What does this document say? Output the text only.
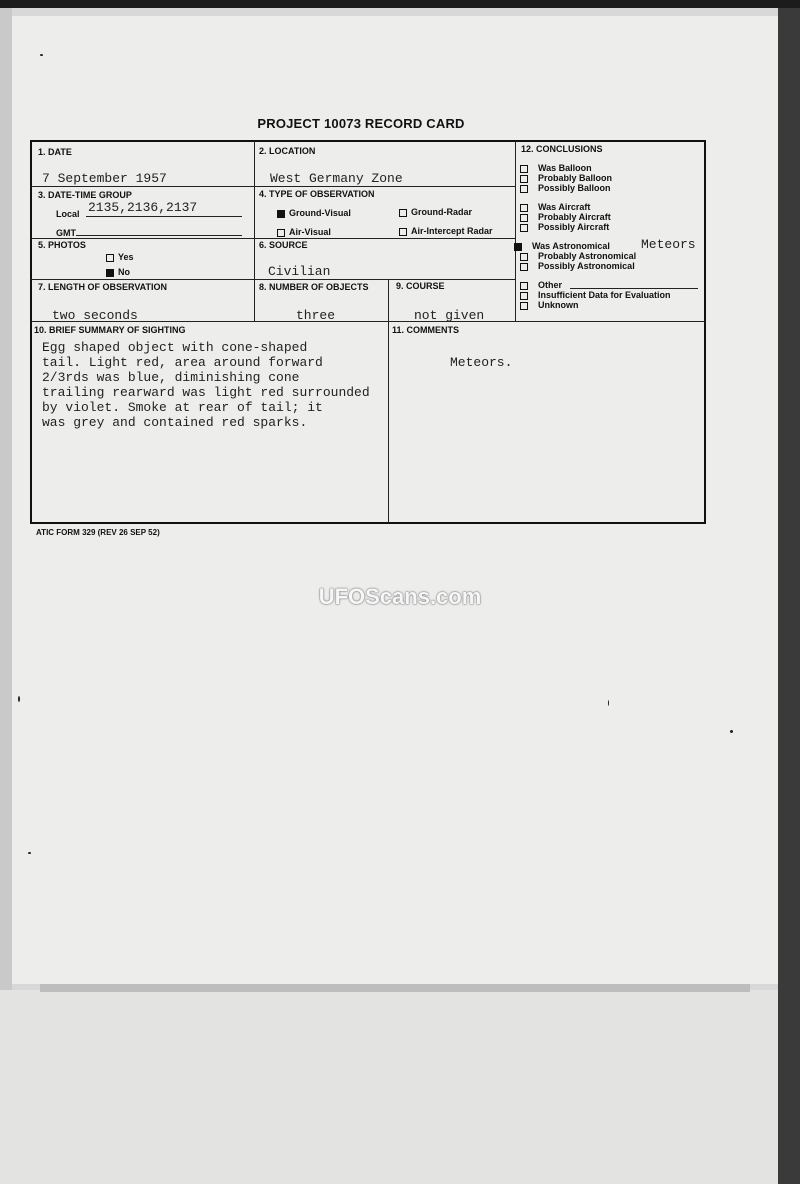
PROJECT 10073 RECORD CARD
1. DATE
7 September 1957
2. LOCATION
West Germany Zone
3. DATE-TIME GROUP
Local 2135,2136,2137
GMT
4. TYPE OF OBSERVATION
Ground-Visual	Ground-Radar
Air-Visual	Air-Intercept Radar
5. PHOTOS
Yes
No
6. SOURCE
Civilian
7. LENGTH OF OBSERVATION
two seconds
8. NUMBER OF OBJECTS
three
9. COURSE
not given
10. BRIEF SUMMARY OF SIGHTING
Egg shaped object with cone-shaped
tail. Light red, area around forward
2/3rds was blue, diminishing cone
trailing rearward was light red surrounded
by violet. Smoke at rear of tail; it
was grey and contained red sparks.
11. COMMENTS
Meteors.
12. CONCLUSIONS
Was Balloon
Probably Balloon
Possibly Balloon
Was Aircraft
Probably Aircraft
Possibly Aircraft
Was Astronomical Meteors
Probably Astronomical
Possibly Astronomical
Other
Insufficient Data for Evaluation
Unknown
ATIC FORM 329 (REV 26 SEP 52)
UFOScans.com
